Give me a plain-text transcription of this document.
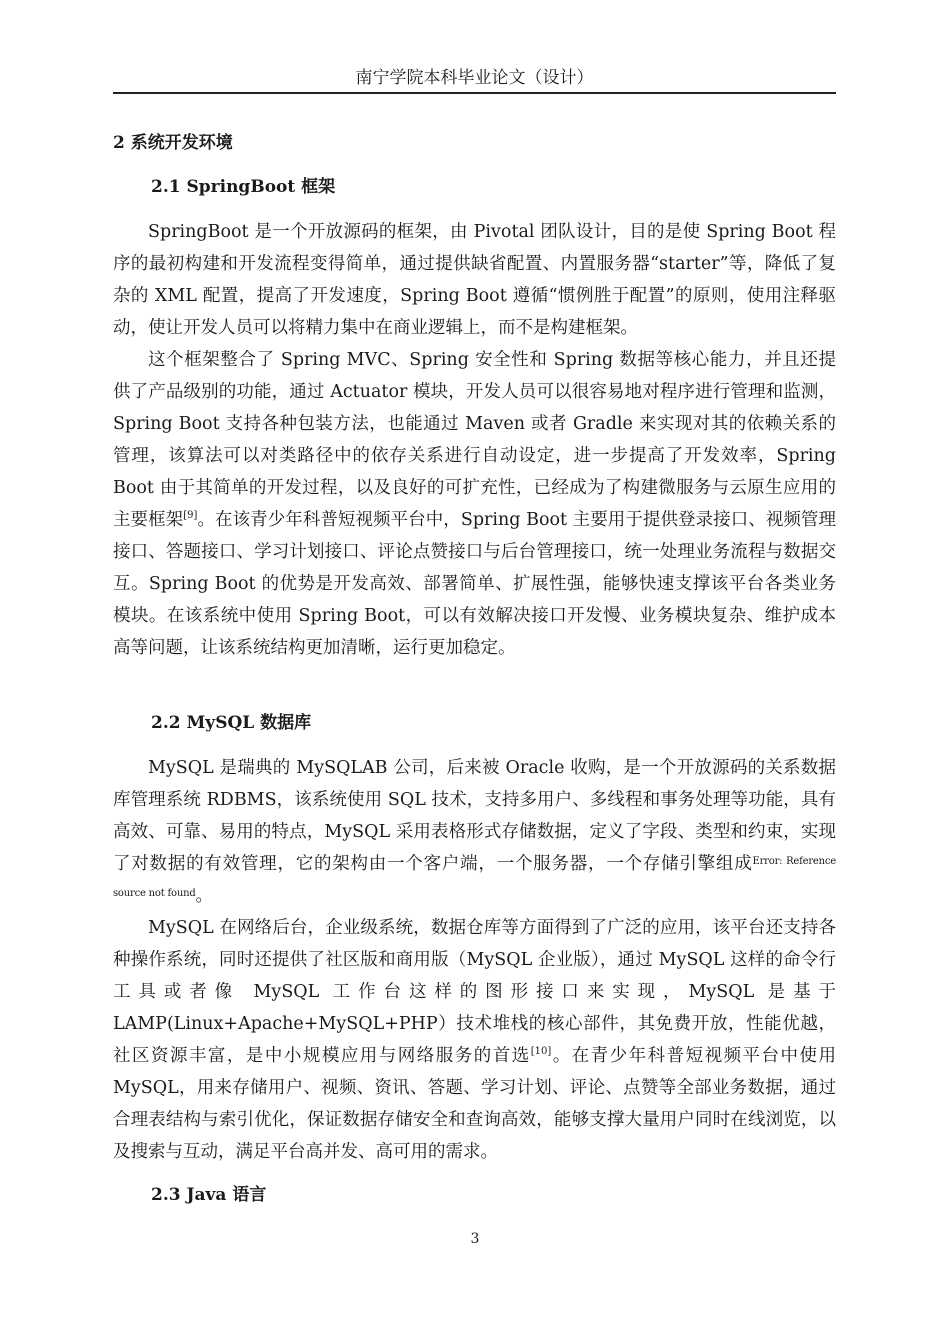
南宁学院本科毕业论文（设计）
2 系统开发环境
2.1 SpringBoot 框架

SpringBoot 是一个开放源码的框架，由 Pivotal 团队设计，目的是使 Spring Boot 程序的最初构建和开发流程变得简单，通过提供缺省配置、内置服务器“starter”等，降低了复杂的 XML 配置，提高了开发速度，Spring Boot 遵循“惯例胜于配置”的原则，使用注释驱动，使让开发人员可以将精力集中在商业逻辑上，而不是构建框架。

这个框架整合了 Spring MVC、Spring 安全性和 Spring 数据等核心能力，并且还提供了产品级别的功能，通过 Actuator 模块，开发人员可以很容易地对程序进行管理和监测，Spring Boot 支持各种包装方法，也能通过 Maven 或者 Gradle 来实现对其的依赖关系的管理，该算法可以对类路径中的依存关系进行自动设定，进一步提高了开发效率，Spring Boot 由于其简单的开发过程，以及良好的可扩充性，已经成为了构建微服务与云原生应用的主要框架[9]。在该青少年科普短视频平台中，Spring Boot 主要用于提供登录接口、视频管理接口、答题接口、学习计划接口、评论点赞接口与后台管理接口，统一处理业务流程与数据交互。Spring Boot 的优势是开发高效、部署简单、扩展性强，能够快速支撑该平台各类业务模块。在该系统中使用 Spring Boot，可以有效解决接口开发慢、业务模块复杂、维护成本高等问题，让该系统结构更加清晰，运行更加稳定。

2.2 MySQL 数据库

MySQL 是瑞典的 MySQLAB 公司，后来被 Oracle 收购，是一个开放源码的关系数据库管理系统 RDBMS，该系统使用 SQL 技术，支持多用户、多线程和事务处理等功能，具有高效、可靠、易用的特点，MySQL 采用表格形式存储数据，定义了字段、类型和约束，实现了对数据的有效管理，它的架构由一个客户端，一个服务器，一个存储引擎组成$^{Error: Reference source not found}$。

MySQL 在网络后台，企业级系统，数据仓库等方面得到了广泛的应用，该平台还支持各种操作系统，同时还提供了社区版和商用版（MySQL 企业版），通过 MySQL 这样的命令行工具或者像 MySQL 工作台这样的图形接口来实现，MySQL 是基于 LAMP(Linux+Apache+MySQL+PHP）技术堆栈的核心部件，其免费开放，性能优越，社区资源丰富，是中小规模应用与网络服务的首选[10]。在青少年科普短视频平台中使用 MySQL，用来存储用户、视频、资讯、答题、学习计划、评论、点赞等全部业务数据，通过合理表结构与索引优化，保证数据存储安全和查询高效，能够支撑大量用户同时在线浏览，以及搜索与互动，满足平台高并发、高可用的需求。

2.3 Java 语言
3
